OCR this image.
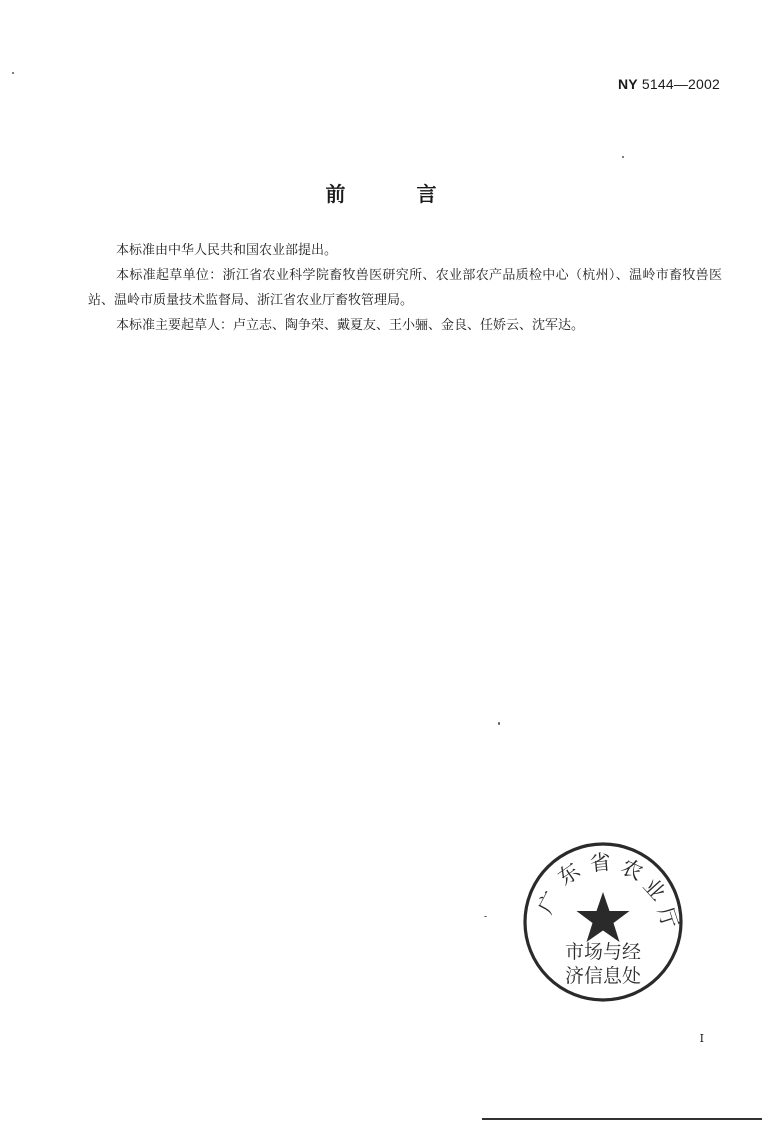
NY 5144—2002
前 言

本标准由中华人民共和国农业部提出。

本标准起草单位：浙江省农业科学院畜牧兽医研究所、农业部农产品质检中心（杭州）、温岭市畜牧兽医站、温岭市质量技术监督局、浙江省农业厅畜牧管理局。

本标准主要起草人：卢立志、陶争荣、戴夏友、王小骊、金良、任娇云、沈军达。

广
东 省 农
业
厅
市场与经
济信息处
I
